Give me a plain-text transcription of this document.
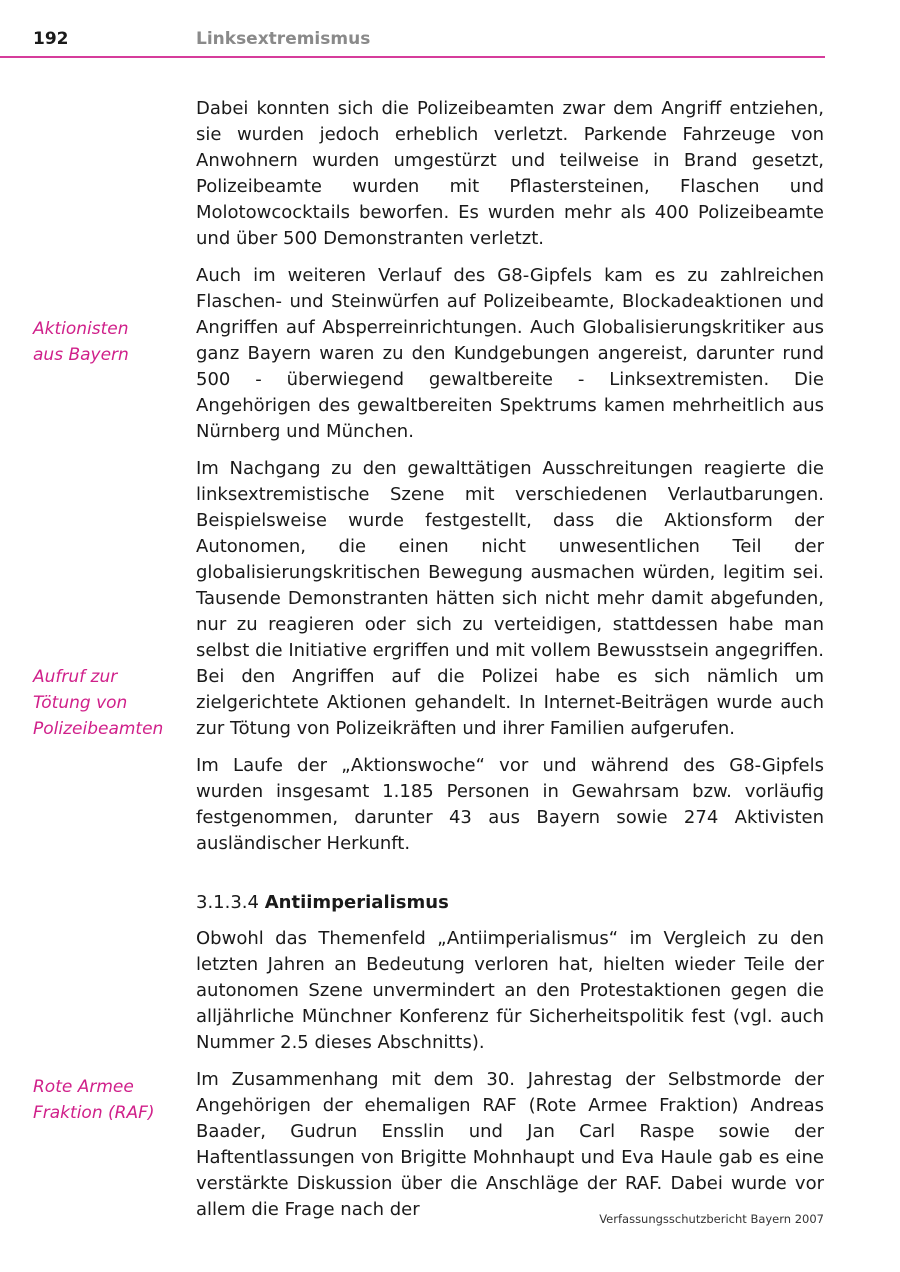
192	Linksextremismus
Aktionisten
aus Bayern
Aufruf zur
Tötung von
Polizeibeamten
Rote Armee
Fraktion (RAF)

Dabei konnten sich die Polizeibeamten zwar dem Angriff entziehen, sie wurden jedoch erheblich verletzt. Parkende Fahrzeuge von Anwohnern wurden umgestürzt und teilweise in Brand gesetzt, Polizeibeamte wurden mit Pflastersteinen, Flaschen und Molotowcocktails beworfen. Es wurden mehr als 400 Polizeibeamte und über 500 Demonstranten verletzt.

Auch im weiteren Verlauf des G8-Gipfels kam es zu zahlreichen Flaschen- und Steinwürfen auf Polizeibeamte, Blockadeaktionen und Angriffen auf Absperreinrichtungen. Auch Globalisierungskritiker aus ganz Bayern waren zu den Kundgebungen angereist, darunter rund 500 - überwiegend gewaltbereite - Linksextremisten. Die Angehörigen des gewaltbereiten Spektrums kamen mehrheitlich aus Nürnberg und München.

Im Nachgang zu den gewalttätigen Ausschreitungen reagierte die linksextremistische Szene mit verschiedenen Verlautbarungen. Beispielsweise wurde festgestellt, dass die Aktionsform der Autonomen, die einen nicht unwesentlichen Teil der globalisierungskritischen Bewegung ausmachen würden, legitim sei. Tausende Demonstranten hätten sich nicht mehr damit abgefunden, nur zu reagieren oder sich zu verteidigen, stattdessen habe man selbst die Initiative ergriffen und mit vollem Bewusstsein angegriffen. Bei den Angriffen auf die Polizei habe es sich nämlich um zielgerichtete Aktionen gehandelt. In Internet-Beiträgen wurde auch zur Tötung von Polizeikräften und ihrer Familien aufgerufen.

Im Laufe der „Aktionswoche“ vor und während des G8-Gipfels wurden insgesamt 1.185 Personen in Gewahrsam bzw. vorläufig festgenommen, darunter 43 aus Bayern sowie 274 Aktivisten ausländischer Herkunft.

3.1.3.4 Antiimperialismus

Obwohl das Themenfeld „Antiimperialismus“ im Vergleich zu den letzten Jahren an Bedeutung verloren hat, hielten wieder Teile der autonomen Szene unvermindert an den Protestaktionen gegen die alljährliche Münchner Konferenz für Sicherheitspolitik fest (vgl. auch Nummer 2.5 dieses Abschnitts).

Im Zusammenhang mit dem 30. Jahrestag der Selbstmorde der Angehörigen der ehemaligen RAF (Rote Armee Fraktion) Andreas Baader, Gudrun Ensslin und Jan Carl Raspe sowie der Haftentlassungen von Brigitte Mohnhaupt und Eva Haule gab es eine verstärkte Diskussion über die Anschläge der RAF. Dabei wurde vor allem die Frage nach der	Verfassungsschutzbericht Bayern 2007
